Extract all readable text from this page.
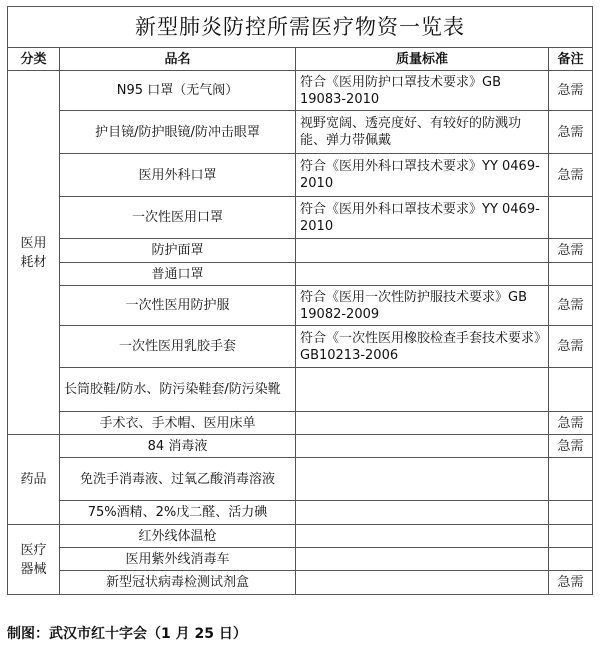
新型肺炎防控所需医疗物资一览表			
分类	品名	质量标准	备注

医用
耗材	N95 口罩（无气阀）	符合《医用防护口罩技术要求》GB 19083-2010	急需
	护目镜/防护眼镜/防冲击眼罩	视野宽阔、透亮度好、有较好的防溅功能、弹力带佩戴	急需
	医用外科口罩	符合《医用外科口罩技术要求》YY 0469-2010	急需
	一次性医用口罩	符合《医用外科口罩技术要求》YY 0469-2010	
	防护面罩		急需
	普通口罩		
	一次性医用防护服	符合《医用一次性防护服技术要求》GB 19082-2009	急需
	一次性医用乳胶手套	符合《一次性医用橡胶检查手套技术要求》GB10213-2006	急需
	长筒胶鞋/防水、防污染鞋套/防污染靴		
	手术衣、手术帽、医用床单		急需
药品	84 消毒液		急需
	免洗手消毒液、过氧乙酸消毒溶液		
	75%酒精、2%戊二醛、活力碘		

医疗
器械	红外线体温枪		
	医用紫外线消毒车		
	新型冠状病毒检测试剂盒		急需
制图：武汉市红十字会（1 月 25 日）
